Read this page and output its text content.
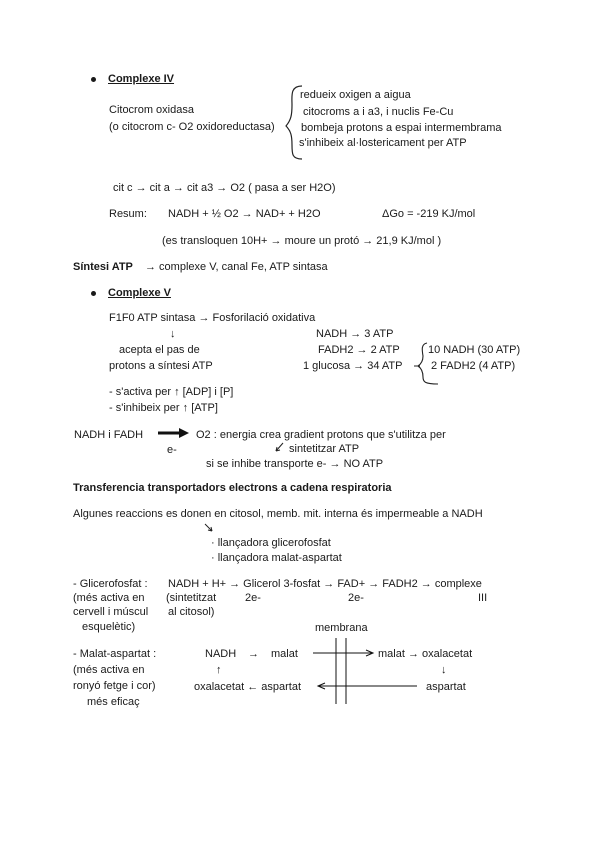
Complexe IV
Citocrom oxidasa
(o citocrom c- O2 oxidoreductasa)
redueix oxigen a aigua
citocroms a i a3, i nuclis Fe-Cu
bombeja protons a espai intermembrama
s'inhibeix al·lostericament per ATP
cit c → cit a → cit a3 → O2 ( pasa a ser H2O)
Resum: NADH + ½ O2 → NAD+ + H2O	ΔGo = -219 KJ/mol
(es transloquen 10H+ → moure un protó → 21,9 KJ/mol )
Síntesi ATP → complexe V, canal Fe, ATP sintasa
Complexe V
F1F0 ATP sintasa → Fosforilació oxidativa
↓
acepta el pas de
protons a síntesi ATP
NADH → 3 ATP
FADH2 → 2 ATP
1 glucosa → 34 ATP
10 NADH (30 ATP)
2 FADH2 (4 ATP)
- s'activa per ↑ [ADP] i [P]
- s'inhibeix per ↑ [ATP]
NADH i FADH
e-
O2 : energia crea gradient protons que s'utilitza per
sintetitzar ATP
si se inhibe transporte e- → NO ATP
Transferencia transportadors electrons a cadena respiratoria
Algunes reaccions es donen en citosol, memb. mit. interna és impermeable a NADH
· llançadora glicerofosfat
· llançadora malat-aspartat
- Glicerofosfat :
(més activa en
cervell i múscul
esquelètic)
NADH + H+ → Glicerol 3-fosfat → FAD+ → FADH2 → complexe
(sintetitzat
al citosol)
2e-	2e-	III
membrana
- Malat-aspartat :
(més activa en
ronyó fetge i cor)
més eficaç
NADH → malat	malat → oxalacetat
↑	↓
oxalacetat ← aspartat	aspartat
